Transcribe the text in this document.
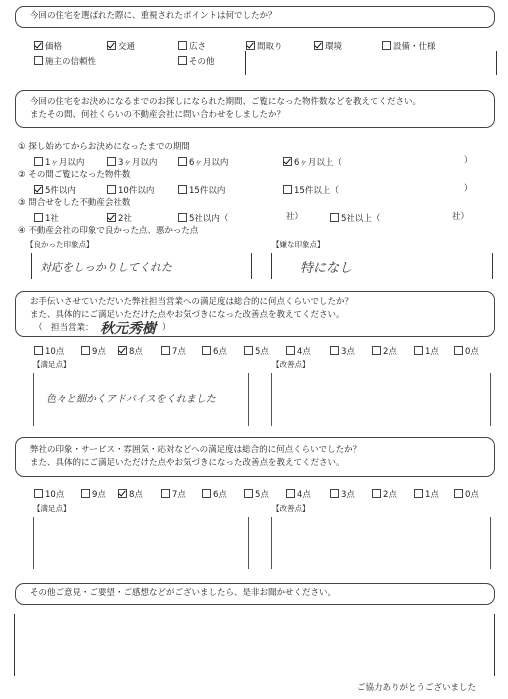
今回の住宅を選ばれた際に、重視されたポイントは何でしたか？
価格	交通	広さ	間取り	環境	設備・仕様
施主の信頼性	その他
今回の住宅をお決めになるまでのお探しになられた期間、ご覧になった物件数などを教えてください。
またその間、何社くらいの不動産会社に問い合わせをしましたか？
① 探し始めてからお決めになったまでの期間
1ヶ月以内	3ヶ月以内	6ヶ月以内	6ヶ月以上（	）
② その間ご覧になった物件数
5件以内	10件以内	15件以内	15件以上（	）
③ 問合せをした不動産会社数
1社	2社	5社以内（	社）	5社以上（	社）
④ 不動産会社の印象で良かった点、悪かった点
【良かった印象点】	【嫌な印象点】
対応をしっかりしてくれた	特になし
お手伝いさせていただいた弊社担当営業への満足度は総合的に何点くらいでしたか？
また、具体的にご満足いただけた点やお気づきになった改善点を教えてください。
（　担当営業： 秋元秀樹 ）
10点	9点	8点	7点	6点	5点	4点	3点	2点	1点	0点
【満足点】	【改善点】
色々と細かくアドバイスをくれました
弊社の印象・サービス・雰囲気・応対などへの満足度は総合的に何点くらいでしたか？
また、具体的にご満足いただけた点やお気づきになった改善点を教えてください。
10点	9点	8点	7点	6点	5点	4点	3点	2点	1点	0点
【満足点】	【改善点】
その他ご意見・ご要望・ご感想などがございましたら、是非お聞かせください。
ご協力ありがとうございました
